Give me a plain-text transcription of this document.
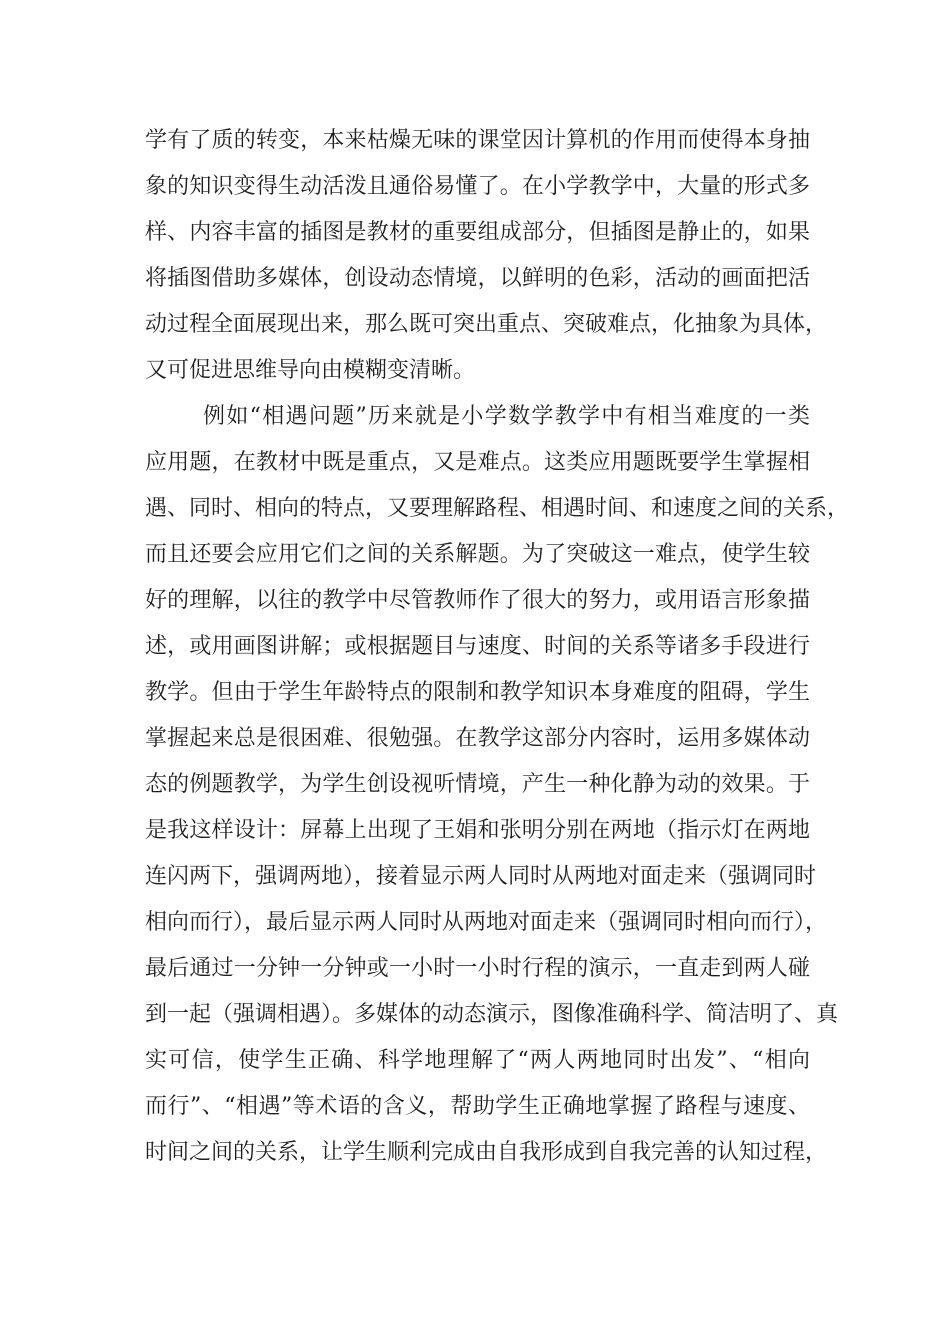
学有了质的转变，本来枯燥无味的课堂因计算机的作用而使得本身抽
象的知识变得生动活泼且通俗易懂了。在小学教学中，大量的形式多
样、内容丰富的插图是教材的重要组成部分，但插图是静止的，如果
将插图借助多媒体，创设动态情境，以鲜明的色彩，活动的画面把活
动过程全面展现出来，那么既可突出重点、突破难点，化抽象为具体，
又可促进思维导向由模糊变清晰。
例如“相遇问题”历来就是小学数学教学中有相当难度的一类
应用题，在教材中既是重点，又是难点。这类应用题既要学生掌握相
遇、同时、相向的特点，又要理解路程、相遇时间、和速度之间的关系，
而且还要会应用它们之间的关系解题。为了突破这一难点，使学生较
好的理解，以往的教学中尽管教师作了很大的努力，或用语言形象描
述，或用画图讲解；或根据题目与速度、时间的关系等诸多手段进行
教学。但由于学生年龄特点的限制和教学知识本身难度的阻碍，学生
掌握起来总是很困难、很勉强。在教学这部分内容时，运用多媒体动
态的例题教学，为学生创设视听情境，产生一种化静为动的效果。于
是我这样设计：屏幕上出现了王娟和张明分别在两地（指示灯在两地
连闪两下，强调两地），接着显示两人同时从两地对面走来（强调同时
相向而行），最后显示两人同时从两地对面走来（强调同时相向而行），
最后通过一分钟一分钟或一小时一小时行程的演示，一直走到两人碰
到一起（强调相遇）。多媒体的动态演示，图像准确科学、简洁明了、真
实可信，使学生正确、科学地理解了“两人两地同时出发”、“相向
而行”、“相遇”等术语的含义，帮助学生正确地掌握了路程与速度、
时间之间的关系，让学生顺利完成由自我形成到自我完善的认知过程，
